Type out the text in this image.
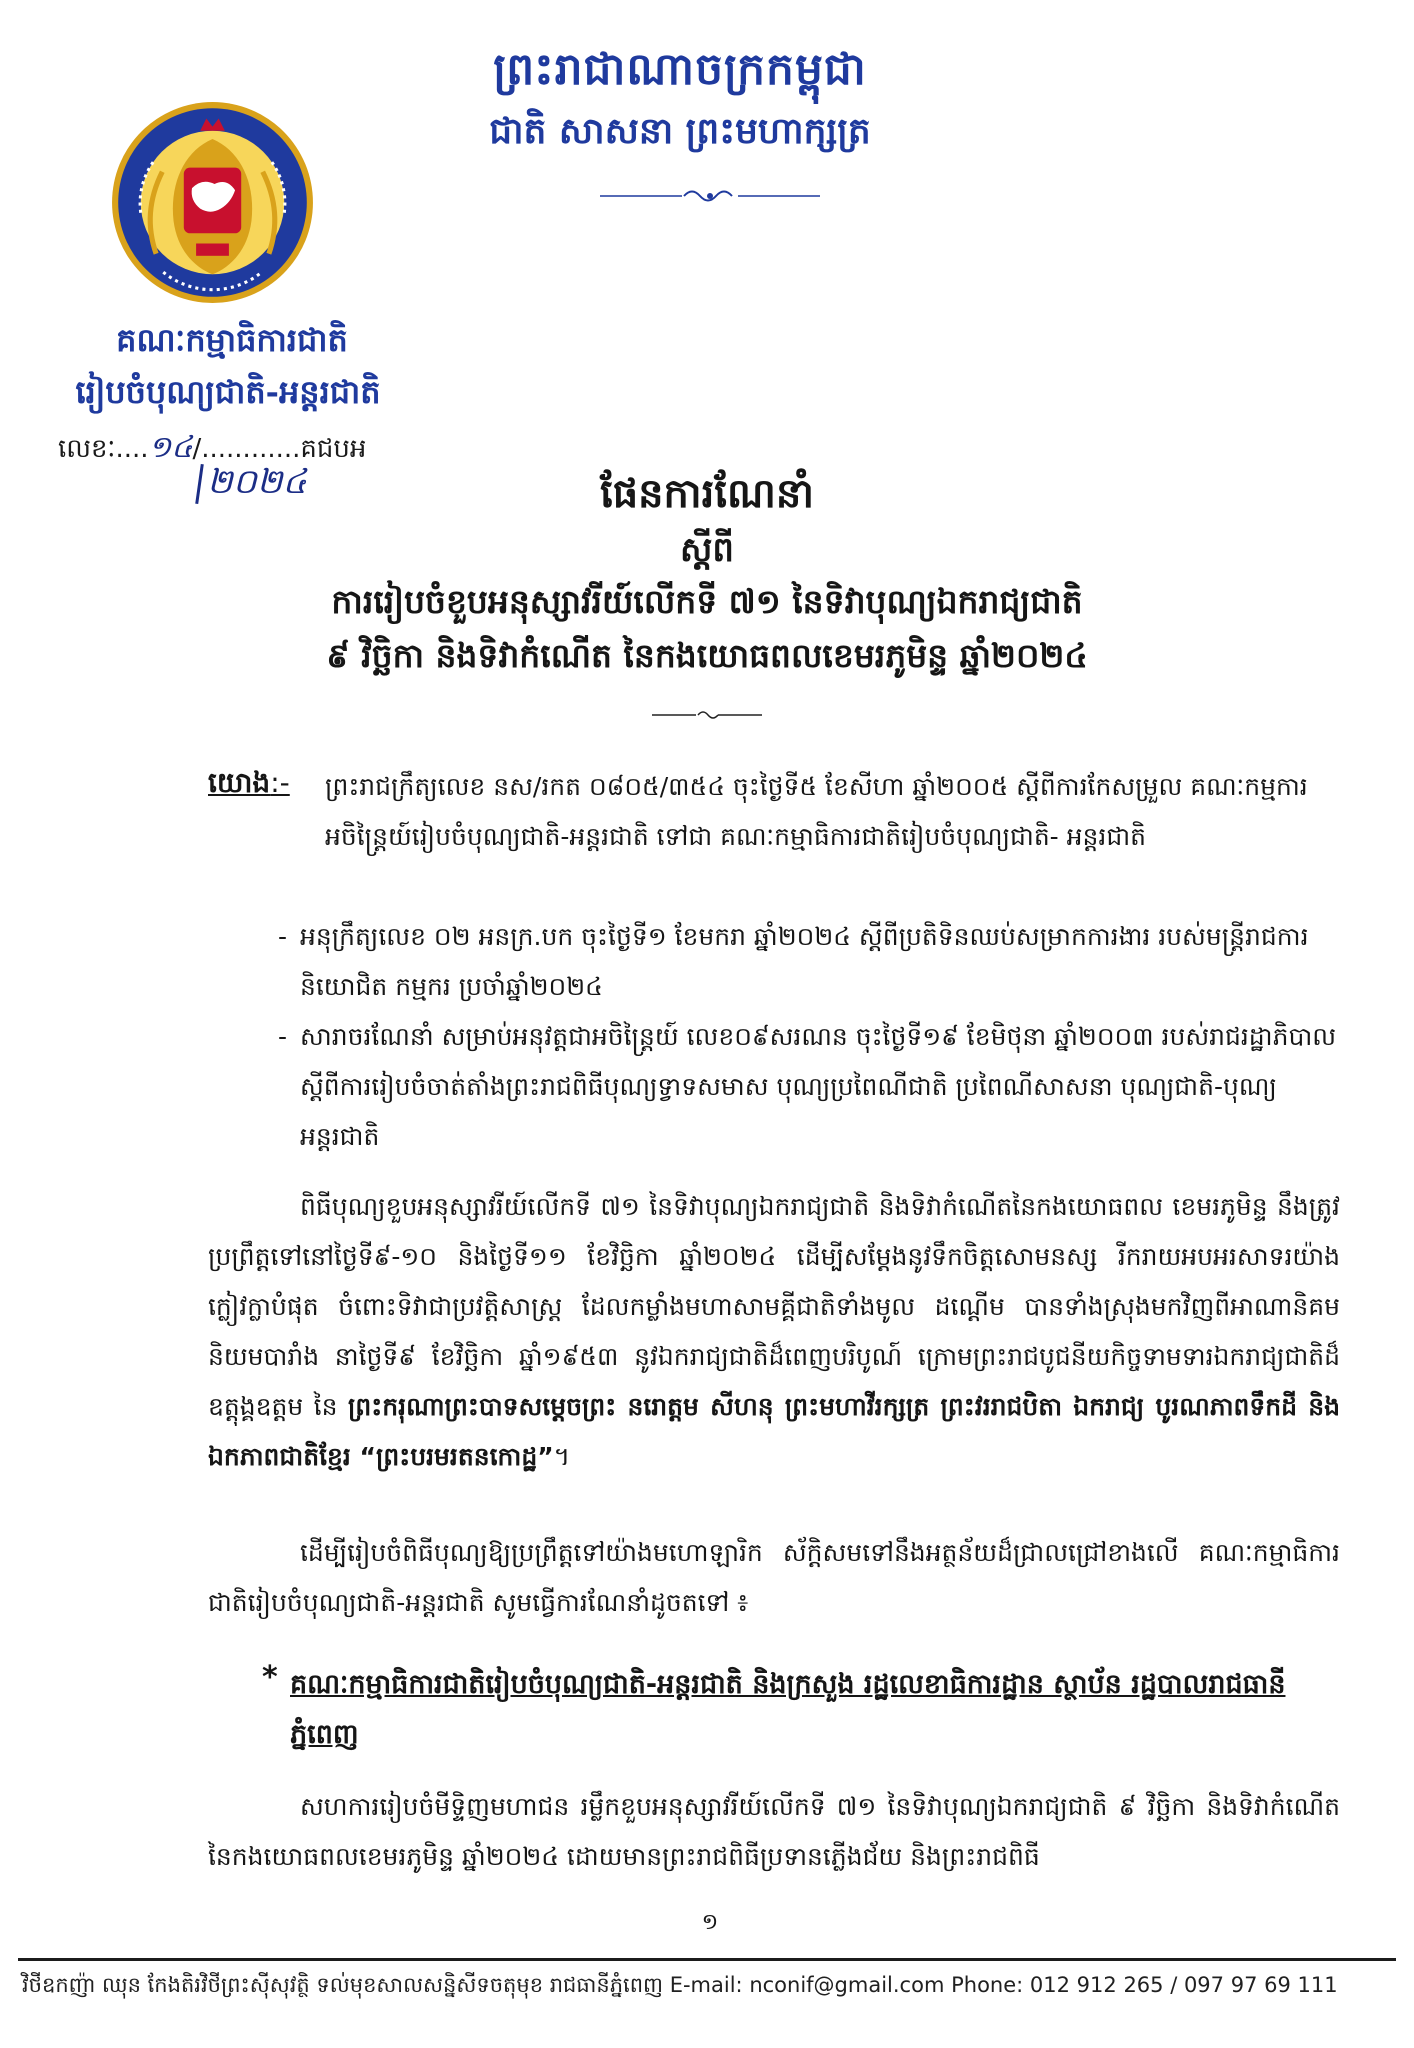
ព្រះរាជាណាចក្រកម្ពុជា
ជាតិ សាសនា ព្រះមហាក្សត្រ
គណៈកម្មាធិការជាតិ
រៀបចំបុណ្យជាតិ-អន្តរជាតិ
លេខៈ....១៤/............គជបអ
២០២៤	ផែនការណែនាំ
ស្តីពី
ការរៀបចំខួបអនុស្សាវរីយ៍លើកទី ៧១ នៃទិវាបុណ្យឯករាជ្យជាតិ
៩ វិច្ឆិកា និងទិវាកំណើត នៃកងយោធពលខេមរភូមិន្ទ ឆ្នាំ២០២៤
យោង:- ព្រះរាជក្រឹត្យលេខ នស/រកត ០៨០៥/៣៥៤ ចុះថ្ងៃទី៥ ខែសីហា ឆ្នាំ២០០៥ ស្តីពីការកែសម្រួល គណៈកម្មការអចិន្ត្រៃយ៍រៀបចំបុណ្យជាតិ-អន្តរជាតិ ទៅជា គណៈកម្មាធិការជាតិរៀបចំបុណ្យជាតិ- អន្តរជាតិ
- អនុក្រឹត្យលេខ ០២ អនក្រ.បក ចុះថ្ងៃទី១ ខែមករា ឆ្នាំ២០២៤ ស្តីពីប្រតិទិនឈប់សម្រាកការងារ របស់មន្ត្រីរាជការ និយោជិត កម្មករ ប្រចាំឆ្នាំ២០២៤
- សារាចរណែនាំ សម្រាប់អនុវត្តជាអចិន្ត្រៃយ៍ លេខ០៩សរណន ចុះថ្ងៃទី១៩ ខែមិថុនា ឆ្នាំ២០០៣ របស់រាជរដ្ឋាភិបាល ស្តីពីការរៀបចំចាត់តាំងព្រះរាជពិធីបុណ្យទ្វាទសមាស បុណ្យប្រពៃណីជាតិ ប្រពៃណីសាសនា បុណ្យជាតិ-បុណ្យអន្តរជាតិ
ពិធីបុណ្យខួបអនុស្សាវរីយ៍លើកទី ៧១ នៃទិវាបុណ្យឯករាជ្យជាតិ និងទិវាកំណើតនៃកងយោធពល ខេមរភូមិន្ទ នឹងត្រូវប្រព្រឹត្តទៅនៅថ្ងៃទី៩-១០ និងថ្ងៃទី១១ ខែវិច្ឆិកា ឆ្នាំ២០២៤ ដើម្បីសម្តែងនូវទឹកចិត្តសោមនស្ស រីករាយអបអរសាទរយ៉ាងក្លៀវក្លាបំផុត ចំពោះទិវាជាប្រវត្តិសាស្ត្រ ដែលកម្លាំងមហាសាមគ្គីជាតិទាំងមូល ដណ្តើម បានទាំងស្រុងមកវិញពីអាណានិគមនិយមបារាំង នាថ្ងៃទី៩ ខែវិច្ឆិកា ឆ្នាំ១៩៥៣ នូវឯករាជ្យជាតិដ៏ពេញបរិបូណ៍ ក្រោមព្រះរាជបូជនីយកិច្ចទាមទារឯករាជ្យជាតិដ៏ឧត្តុង្គឧត្តម នៃ ព្រះករុណាព្រះបាទសម្តេចព្រះ នរោត្តម សីហនុ ព្រះមហាវីរក្សត្រ ព្រះវររាជបិតា ឯករាជ្យ បូរណភាពទឹកដី និងឯកភាពជាតិខ្មែរ “ព្រះបរមរតនកោដ្ឋ”។
ដើម្បីរៀបចំពិធីបុណ្យឱ្យប្រព្រឹត្តទៅយ៉ាងមហោឡារិក ស័ក្តិសមទៅនឹងអត្ថន័យដ៏ជ្រាលជ្រៅខាងលើ គណៈកម្មាធិការជាតិរៀបចំបុណ្យជាតិ-អន្តរជាតិ សូមធ្វើការណែនាំដូចតទៅ ៖
* គណៈកម្មាធិការជាតិរៀបចំបុណ្យជាតិ-អន្តរជាតិ និងក្រសួង រដ្ឋលេខាធិការដ្ឋាន ស្ថាប័ន រដ្ឋបាលរាជធានីភ្នំពេញ
សហការរៀបចំមីទ្ទិញមហាជន រម្លឹកខួបអនុស្សាវរីយ៍លើកទី ៧១ នៃទិវាបុណ្យឯករាជ្យជាតិ ៩ វិច្ឆិកា និងទិវាកំណើតនៃកងយោធពលខេមរភូមិន្ទ ឆ្នាំ២០២៤ ដោយមានព្រះរាជពិធីប្រទានភ្លើងជ័យ និងព្រះរាជពិធី
១
វិថីឧកញ៉ា ឈុន កែងតិរវិថីព្រះស៊ីសុវត្ថិ ទល់មុខសាលសន្និសីទចតុមុខ រាជធានីភ្នំពេញ E-mail: nconif@gmail.com Phone: 012 912 265 / 097 97 69 111
